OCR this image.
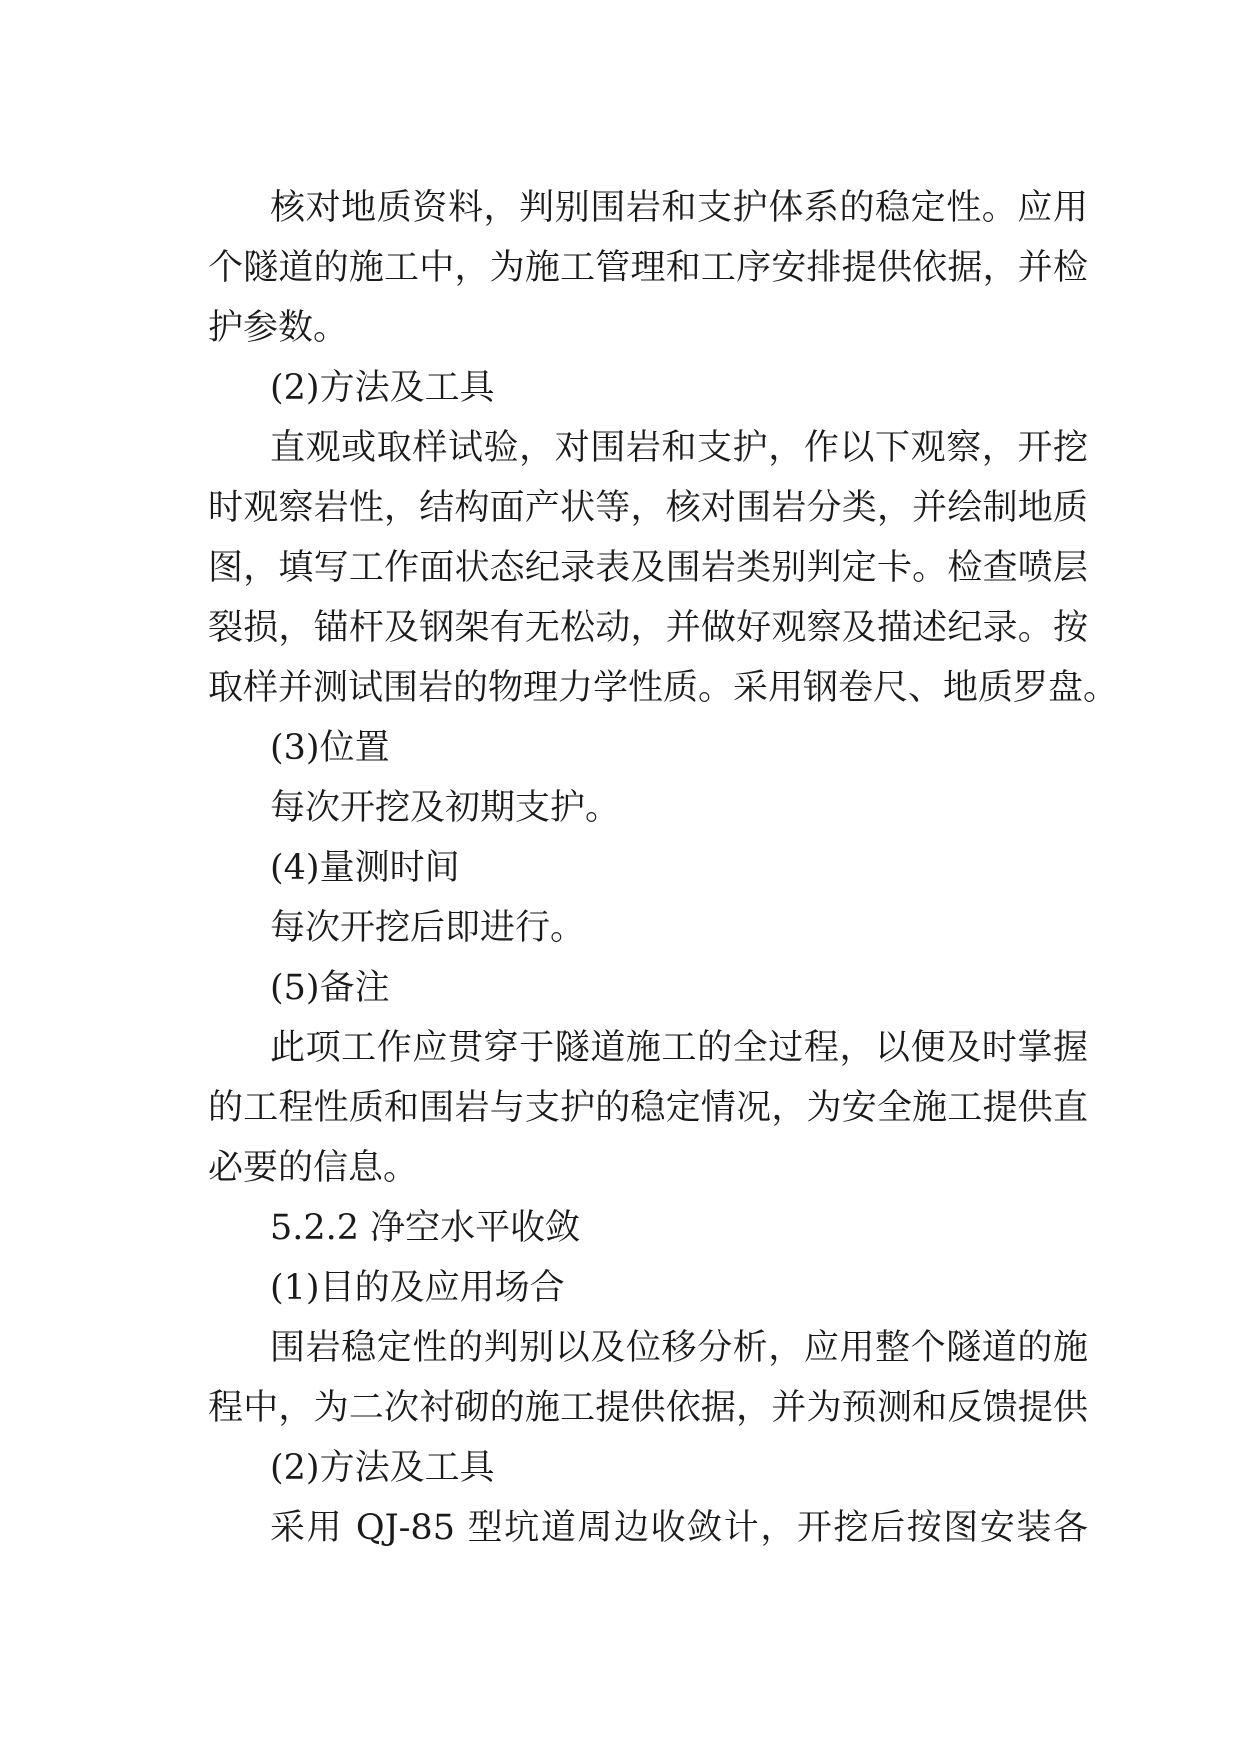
核对地质资料，判别围岩和支护体系的稳定性。应用
个隧道的施工中，为施工管理和工序安排提供依据，并检
护参数。
(2)方法及工具
直观或取样试验，对围岩和支护，作以下观察，开挖
时观察岩性，结构面产状等，核对围岩分类，并绘制地质
图，填写工作面状态纪录表及围岩类别判定卡。检查喷层
裂损，锚杆及钢架有无松动，并做好观察及描述纪录。按
取样并测试围岩的物理力学性质。采用钢卷尺、地质罗盘。
(3)位置
每次开挖及初期支护。
(4)量测时间
每次开挖后即进行。
(5)备注
此项工作应贯穿于隧道施工的全过程，以便及时掌握
的工程性质和围岩与支护的稳定情况，为安全施工提供直
必要的信息。
5.2.2 净空水平收敛
(1)目的及应用场合
围岩稳定性的判别以及位移分析，应用整个隧道的施
程中，为二次衬砌的施工提供依据，并为预测和反馈提供
(2)方法及工具
采用 QJ-85 型坑道周边收敛计，开挖后按图安装各
